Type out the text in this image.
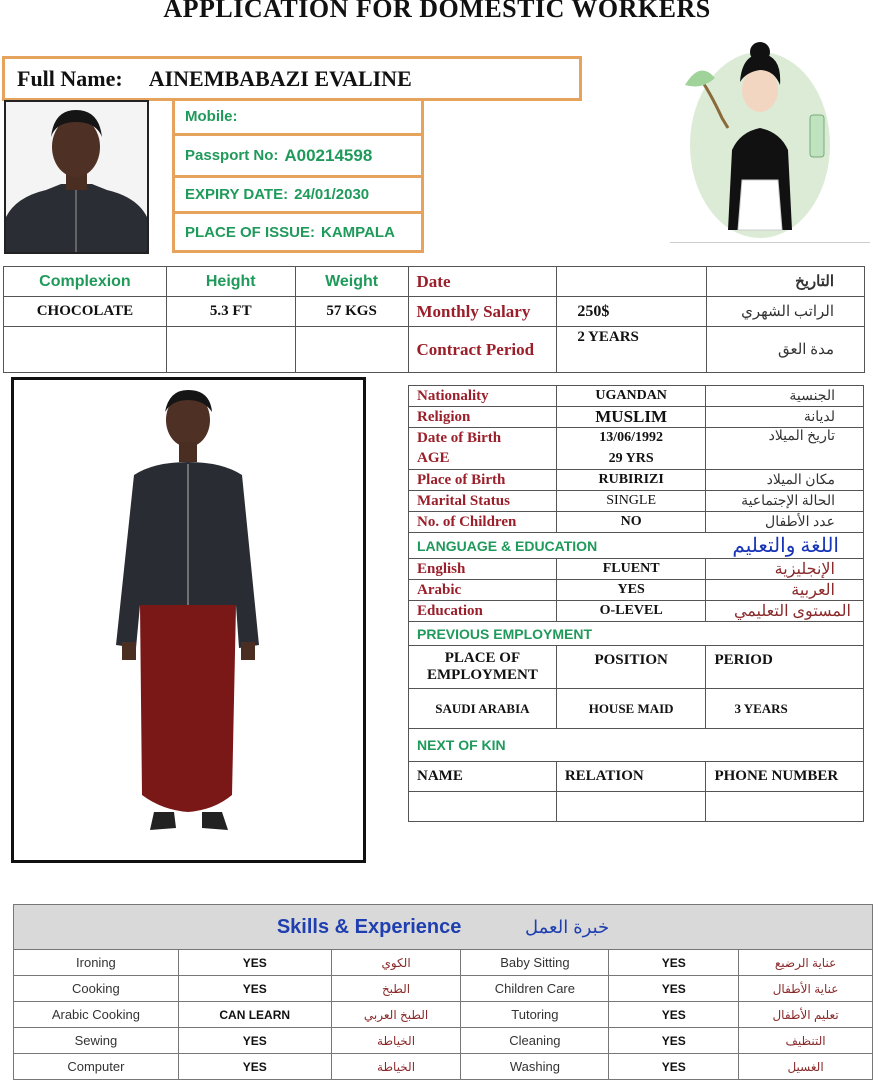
APPLICATION FOR DOMESTIC WORKERS
Full Name: AINEMBABAZI EVALINE
Mobile:
Passport No: A00214598
EXPIRY DATE: 24/01/2030
PLACE OF ISSUE: KAMPALA
Complexion	Height	Weight	Date		التاريخ
CHOCOLATE	5.3 FT	57 KGS	Monthly Salary	250$	الراتب الشهري
			Contract Period	2 YEARS	مدة العق
Nationality	UGANDAN	الجنسية
Religion	MUSLIM	لديانة
Date of Birth	13/06/1992	تاريخ الميلاد
AGE	29 YRS	
Place of Birth	RUBIRIZI	مكان الميلاد
Marital Status	SINGLE	الحالة الإجتماعية
No. of Children	NO	عدد الأطفال
LANGUAGE & EDUCATION		اللغة والتعليم
English	FLUENT	الإنجليزية
Arabic	YES	العربية
Education	O-LEVEL	المستوى التعليمي
PREVIOUS EMPLOYMENT		
PLACE OF EMPLOYMENT	POSITION	PERIOD
SAUDI ARABIA	HOUSE MAID	3 YEARS
NEXT OF KIN		
NAME	RELATION	PHONE NUMBER

Skills & Experience خبرة العمل					
Ironing	YES	الكوي	Baby Sitting	YES	عناية الرضيع
Cooking	YES	الطبخ	Children Care	YES	عناية الأطفال
Arabic Cooking	CAN LEARN	الطبخ العربي	Tutoring	YES	تعليم الأطفال
Sewing	YES	الخياطة	Cleaning	YES	التنظيف
Computer	YES	الخياطة	Washing	YES	الغسيل
